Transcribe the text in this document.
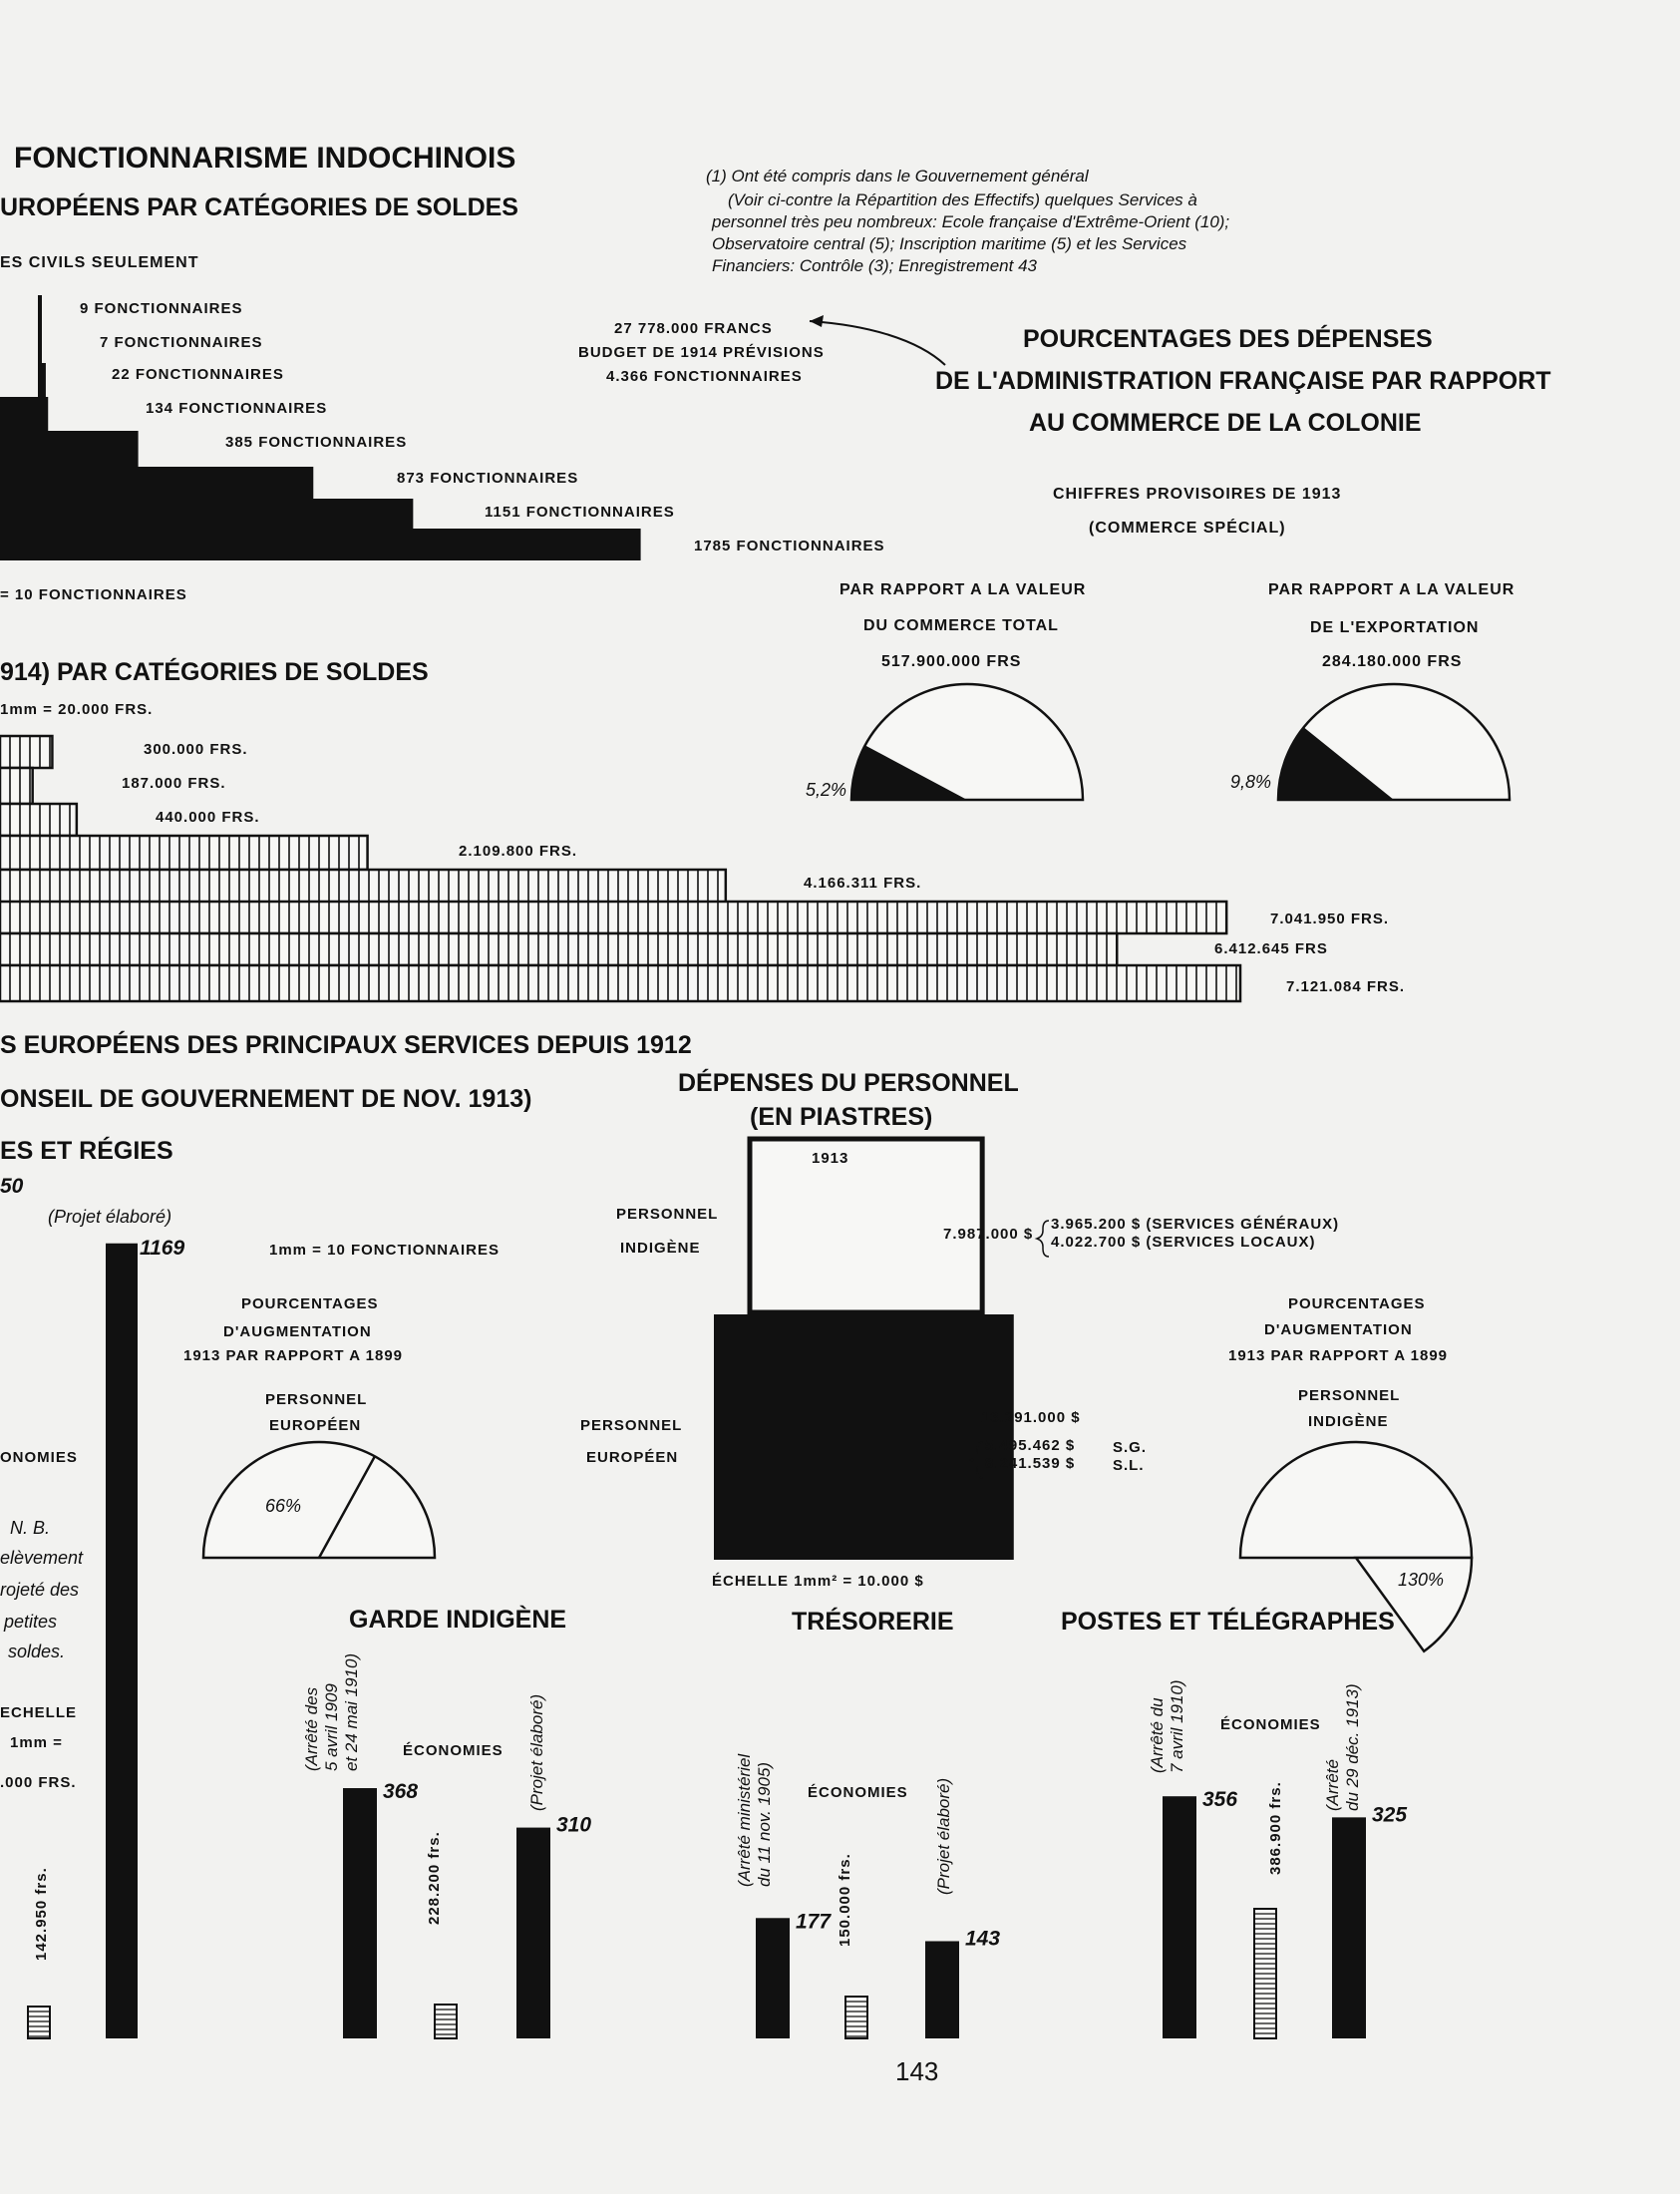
FONCTIONNARISME INDOCHINOIS
URОPÉENS PAR CATÉGORIES DE SOLDES
ES CIVILS SEULEMENT
(1) Ont été compris dans le Gouvernement général
(Voir ci-contre la Répartition des Effectifs) quelques Services à
personnel très peu nombreux: Ecole française d'Extrême-Orient (10);
Observatoire central (5); Inscription maritime (5) et les Services
Financiers: Contrôle (3); Enregistrement 43
9 FONCTIONNAIRES
7 FONCTIONNAIRES
22 FONCTIONNAIRES
134 FONCTIONNAIRES
385 FONCTIONNAIRES
873 FONCTIONNAIRES
1151 FONCTIONNAIRES
1785 FONCTIONNAIRES
= 10 FONCTIONNAIRES
27 778.000 FRANCS
BUDGET DE 1914 PRÉVISIONS
4.366 FONCTIONNAIRES
POURCENTAGES DES DÉPENSES
DE L'ADMINISTRATION FRANÇAISE PAR RAPPORT
AU COMMERCE DE LA COLONIE
CHIFFRES PROVISOIRES DE 1913
(COMMERCE SPÉCIAL)
PAR RAPPORT A LA VALEUR
DU COMMERCE TOTAL
517.900.000 FRS
PAR RAPPORT A LA VALEUR
DE L'EXPORTATION
284.180.000 FRS
5,2%	9,8%
914) PAR CATÉGORIES DE SOLDES
1mm = 20.000 FRS.
300.000 FRS.
187.000 FRS.
440.000 FRS.
2.109.800 FRS.
4.166.311 FRS.
7.041.950 FRS.
6.412.645 FRS
7.121.084 FRS.
S EUROPÉENS DES PRINCIPAUX SERVICES DEPUIS 1912
ONSEIL DE GOUVERNEMENT DE NOV. 1913)
ES ET RÉGIES
50
1mm = 10 FONCTIONNAIRES
(Projet élaboré)
1169
ONOMIES
N. B.
elèvement
rojeté des
petites
soldes.
ECHELLE
1mm =
.000 FRS.
142.950 frs.
POURCENTAGES
D'AUGMENTATION
1913 PAR RAPPORT A 1899
PERSONNEL
EUROPÉEN
66%
POURCENTAGES
D'AUGMENTATION
1913 PAR RAPPORT A 1899
PERSONNEL
INDIGÈNE
130%
DÉPENSES DU PERSONNEL
(EN PIASTRES)
1913
PERSONNEL
INDIGÈNE
7.987.000 $
3.965.200 $ (SERVICES GÉNÉRAUX)
4.022.700 $ (SERVICES LOCAUX)
PERSONNEL
EUROPÉEN
13.291.000 $
5.495.462 $
8.241.539 $
S.G.
S.L.
ÉCHELLE 1mm² = 10.000 $
GARDE INDIGÈNE
368
310
228.200 frs.
ÉCONOMIES
(Arrêté des 5 avril 1909 et 24 mai 1910)	(Projet élaboré)
TRÉSORERIE
177
143
150.000 frs.
ÉCONOMIES
(Arrêté ministériel du 11 nov. 1905)	(Projet élaboré)
POSTES ET TÉLÉGRAPHES
356
325
386.900 frs.
ÉCONOMIES
(Arrêté du 7 avril 1910)
(Arrêté du 29 déc. 1913)
143
